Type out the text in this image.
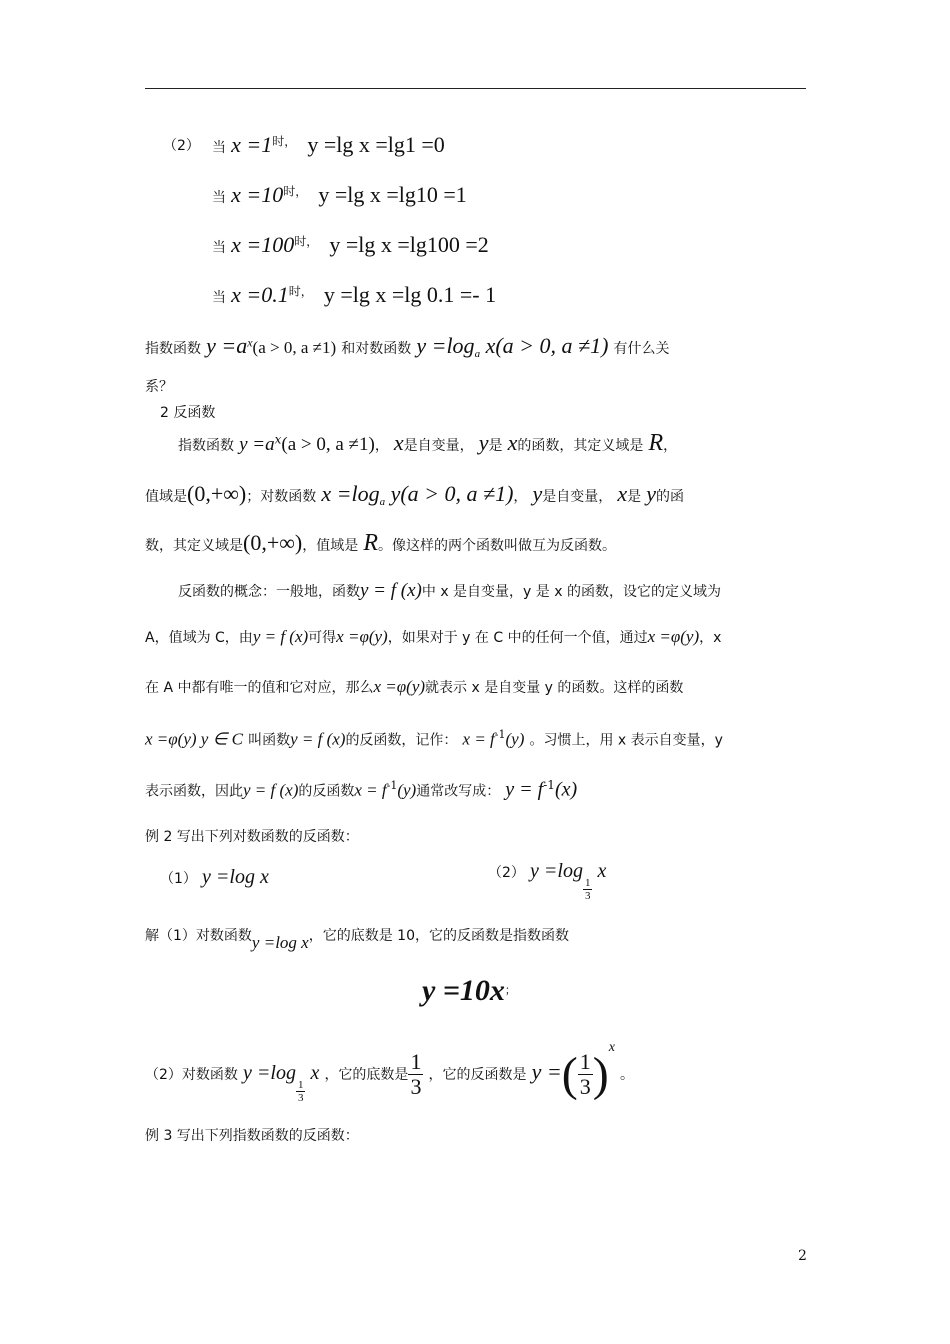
（2） 当 $x =1^{时,}$ y =lg x =lg1 =0
当 $x =10^{时,}$ y =lg x =lg10 =1
当 $x =100^{时,}$ y =lg x =lg100 =2
当 $x =0.1^{时,}$ y =lg x =lg 0.1 =- 1
指数函数 $y =a^x(a > 0$, a ≠1) 和对数函数 $y =\log_a$ x(a > 0, a ≠1) 有什么关
系？
2 反函数
指数函数 $y =a^x(a > 0$, a ≠1)， x是自变量， y是 x的函数，其定义域是 R，
值域是(0,+∞)；对数函数 $x =\log_a$ y(a > 0, a ≠1)， y是自变量， x是 y的函
数，其定义域是(0,+∞)，值域是 R。像这样的两个函数叫做互为反函数。
反函数的概念：一般地，函数y = f (x)中 x 是自变量，y 是 x 的函数，设它的定义域为
A，值域为 C，由y = f (x)可得x =φ(y)，如果对于 y 在 C 中的任何一个值，通过x =φ(y)，x
在 A 中都有唯一的值和它对应，那么x =φ(y)就表示 x 是自变量 y 的函数。这样的函数
x =φ(y) y ∈ C 叫函数y = f (x)的反函数，记作： $x = f^{-1}(y)$ 。习惯上，用 x 表示自变量，y
表示函数，因此y = f (x)的反函数$x = f^{-1}(y)$通常改写成： $y = f^{-1}(x)$
例 2 写出下列对数函数的反函数：
（1） y =log x	（2） y =log
$\frac{1}{3}$
x
解（1）对数函数y =log x，它的底数是 10，它的反函数是指数函数
y =10x；
（2）对数函数 y =log
$\frac{1}{3}$
x ，它的底数是 $\frac{1}{3}$ ，它的反函数是 y =( $\frac{1}{3} )x$ 。
例 3 写出下列指数函数的反函数：
2
